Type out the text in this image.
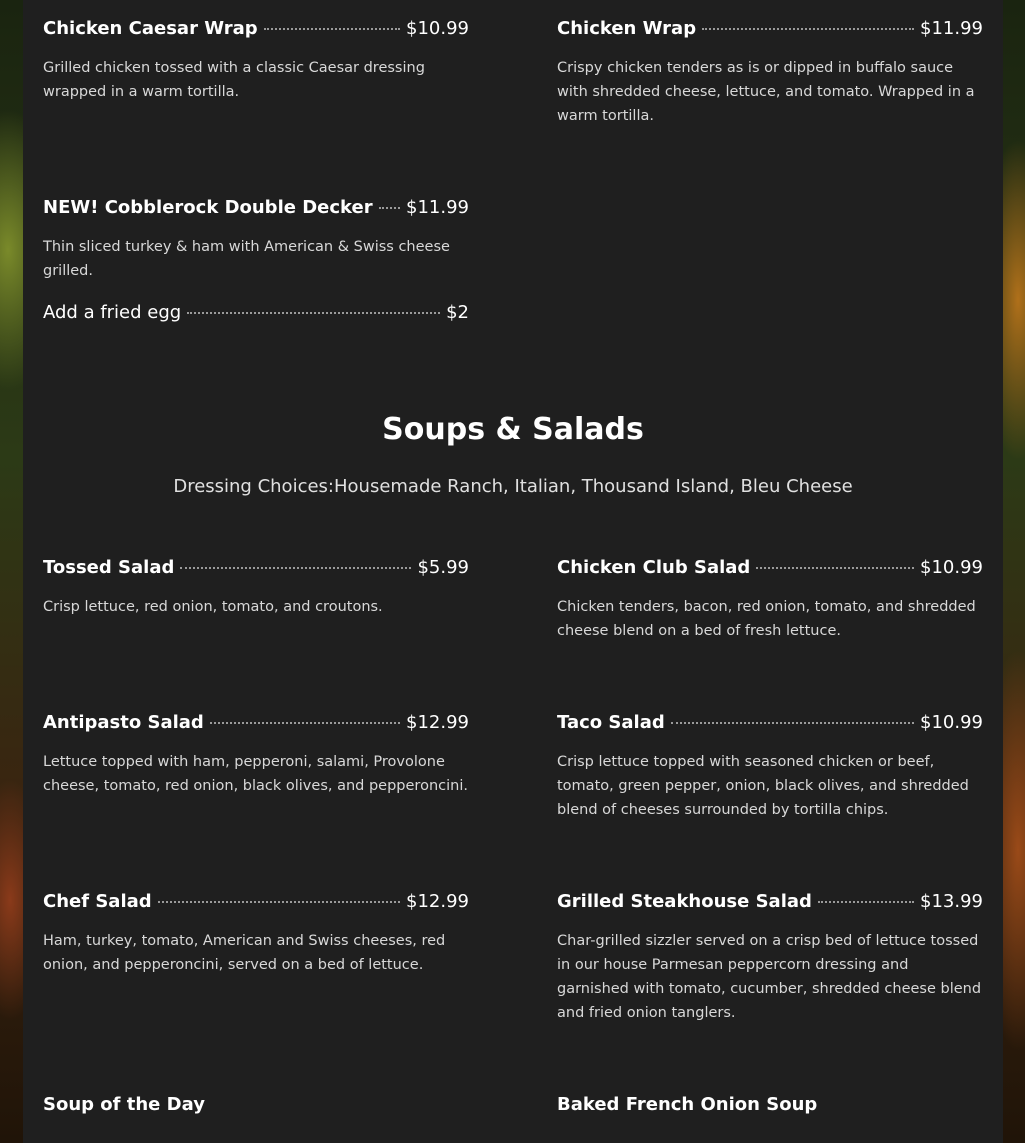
Chicken Caesar Wrap	$10.99
Grilled chicken tossed with a classic Caesar dressing wrapped in a warm tortilla.
Chicken Wrap	$11.99
Crispy chicken tenders as is or dipped in buffalo sauce with shredded cheese, lettuce, and tomato. Wrapped in a warm tortilla.
NEW! Cobblerock Double Decker $11.99
Thin sliced turkey & ham with American & Swiss cheese grilled.
Add a fried egg	$2
Soups & Salads
Dressing Choices:Housemade Ranch, Italian, Thousand Island, Bleu Cheese
Tossed Salad	$5.99
Crisp lettuce, red onion, tomato, and croutons.
Chicken Club Salad	$10.99
Chicken tenders, bacon, red onion, tomato, and shredded cheese blend on a bed of fresh lettuce.
Antipasto Salad	$12.99
Lettuce topped with ham, pepperoni, salami, Provolone cheese, tomato, red onion, black olives, and pepperoncini.
Taco Salad	$10.99
Crisp lettuce topped with seasoned chicken or beef, tomato, green pepper, onion, black olives, and shredded blend of cheeses surrounded by tortilla chips.
Chef Salad	$12.99
Ham, turkey, tomato, American and Swiss cheeses, red onion, and pepperoncini, served on a bed of lettuce.
Grilled Steakhouse Salad	$13.99
Char-grilled sizzler served on a crisp bed of lettuce tossed in our house Parmesan peppercorn dressing and garnished with tomato, cucumber, shredded cheese blend and fried onion tanglers.
Soup of the Day	Baked French Onion Soup
